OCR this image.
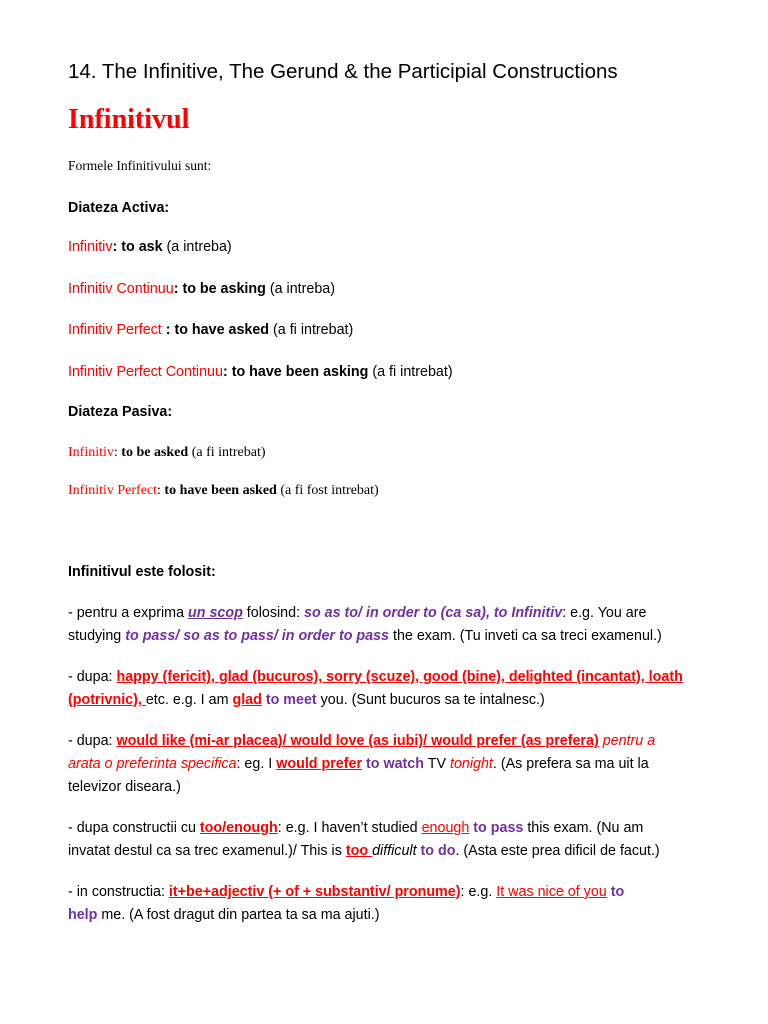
14. The Infinitive, The Gerund & the Participial Constructions
Infinitivul
Formele Infinitivului sunt:
Diateza Activa:
Infinitiv: to ask (a intreba)
Infinitiv Continuu: to be asking (a intreba)
Infinitiv Perfect : to have asked (a fi intrebat)
Infinitiv Perfect Continuu: to have been asking (a fi intrebat)
Diateza Pasiva:
Infinitiv: to be asked (a fi intrebat)
Infinitiv Perfect: to have been asked (a fi fost intrebat)
Infinitivul este folosit:
- pentru a exprima un scop folosind: so as to/ in order to (ca sa), to Infinitiv: e.g. You are
studying to pass/ so as to pass/ in order to pass the exam. (Tu inveti ca sa treci examenul.)
- dupa: happy (fericit), glad (bucuros), sorry (scuze), good (bine), delighted (incantat), loath
(potrivnic), etc. e.g. I am glad to meet you. (Sunt bucuros sa te intalnesc.)
- dupa: would like (mi-ar placea)/ would love (as iubi)/ would prefer (as prefera) pentru a
arata o preferinta specifica: eg. I would prefer to watch TV tonight. (As prefera sa ma uit la
televizor diseara.)
- dupa constructii cu too/enough: e.g. I haven’t studied enough to pass this exam. (Nu am
invatat destul ca sa trec examenul.)/ This is too difficult to do. (Asta este prea dificil de facut.)
- in constructia: it+be+adjectiv (+ of + substantiv/ pronume): e.g. It was nice of you to
help me. (A fost dragut din partea ta sa ma ajuti.)
